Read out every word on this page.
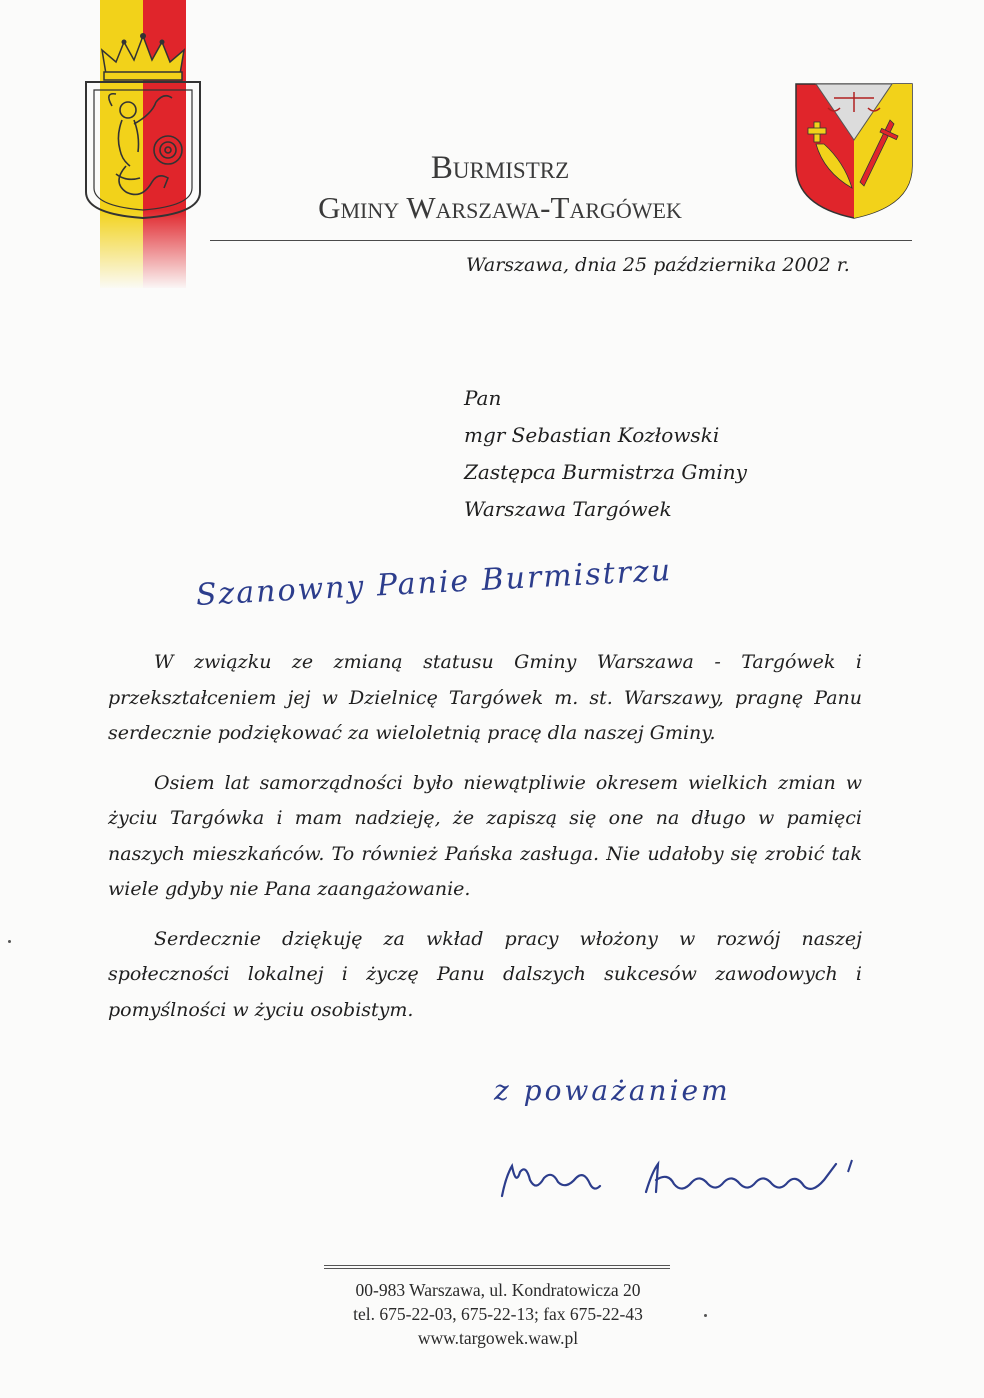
Burmistrz
Gminy Warszawa-Targówek
Warszawa, dnia 25 października 2002 r.
Pan
mgr Sebastian Kozłowski
Zastępca Burmistrza Gminy
Warszawa Targówek
Szanowny Panie Burmistrzu

W związku ze zmianą statusu Gminy Warszawa - Targówek i przekształceniem jej w Dzielnicę Targówek m. st. Warszawy, pragnę Panu serdecznie podziękować za wieloletnią pracę dla naszej Gminy.

Osiem lat samorządności było niewątpliwie okresem wielkich zmian w życiu Targówka i mam nadzieję, że zapiszą się one na długo w pamięci naszych mieszkańców. To również Pańska zasługa. Nie udałoby się zrobić tak wiele gdyby nie Pana zaangażowanie.

Serdecznie dziękuję za wkład pracy włożony w rozwój naszej społeczności lokalnej i życzę Panu dalszych sukcesów zawodowych i pomyślności w życiu osobistym.

z poważaniem
00-983 Warszawa, ul. Kondratowicza 20
tel. 675-22-03, 675-22-13; fax 675-22-43
www.targowek.waw.pl
